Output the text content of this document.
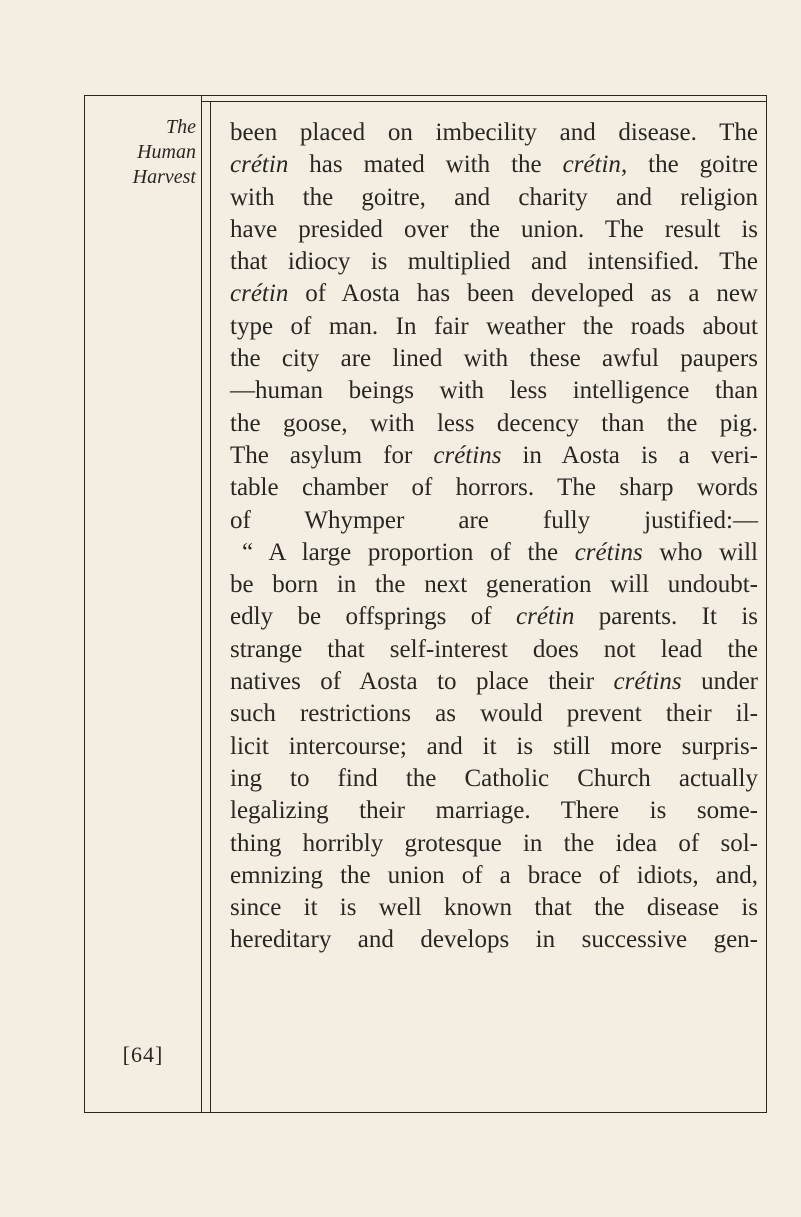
The
Human
Harvest
[64]
been placed on imbecility and disease. The
crétin has mated with the crétin, the goitre
with the goitre, and charity and religion
have presided over the union. The result is
that idiocy is multiplied and intensified. The
crétin of Aosta has been developed as a new
type of man. In fair weather the roads about
the city are lined with these awful paupers
—human beings with less intelligence than
the goose, with less decency than the pig.
The asylum for crétins in Aosta is a veri-
table chamber of horrors. The sharp words
of Whymper are fully justified:—
“ A large proportion of the crétins who will
be born in the next generation will undoubt-
edly be offsprings of crétin parents. It is
strange that self-interest does not lead the
natives of Aosta to place their crétins under
such restrictions as would prevent their il-
licit intercourse; and it is still more surpris-
ing to find the Catholic Church actually
legalizing their marriage. There is some-
thing horribly grotesque in the idea of sol-
emnizing the union of a brace of idiots, and,
since it is well known that the disease is
hereditary and develops in successive gen-
